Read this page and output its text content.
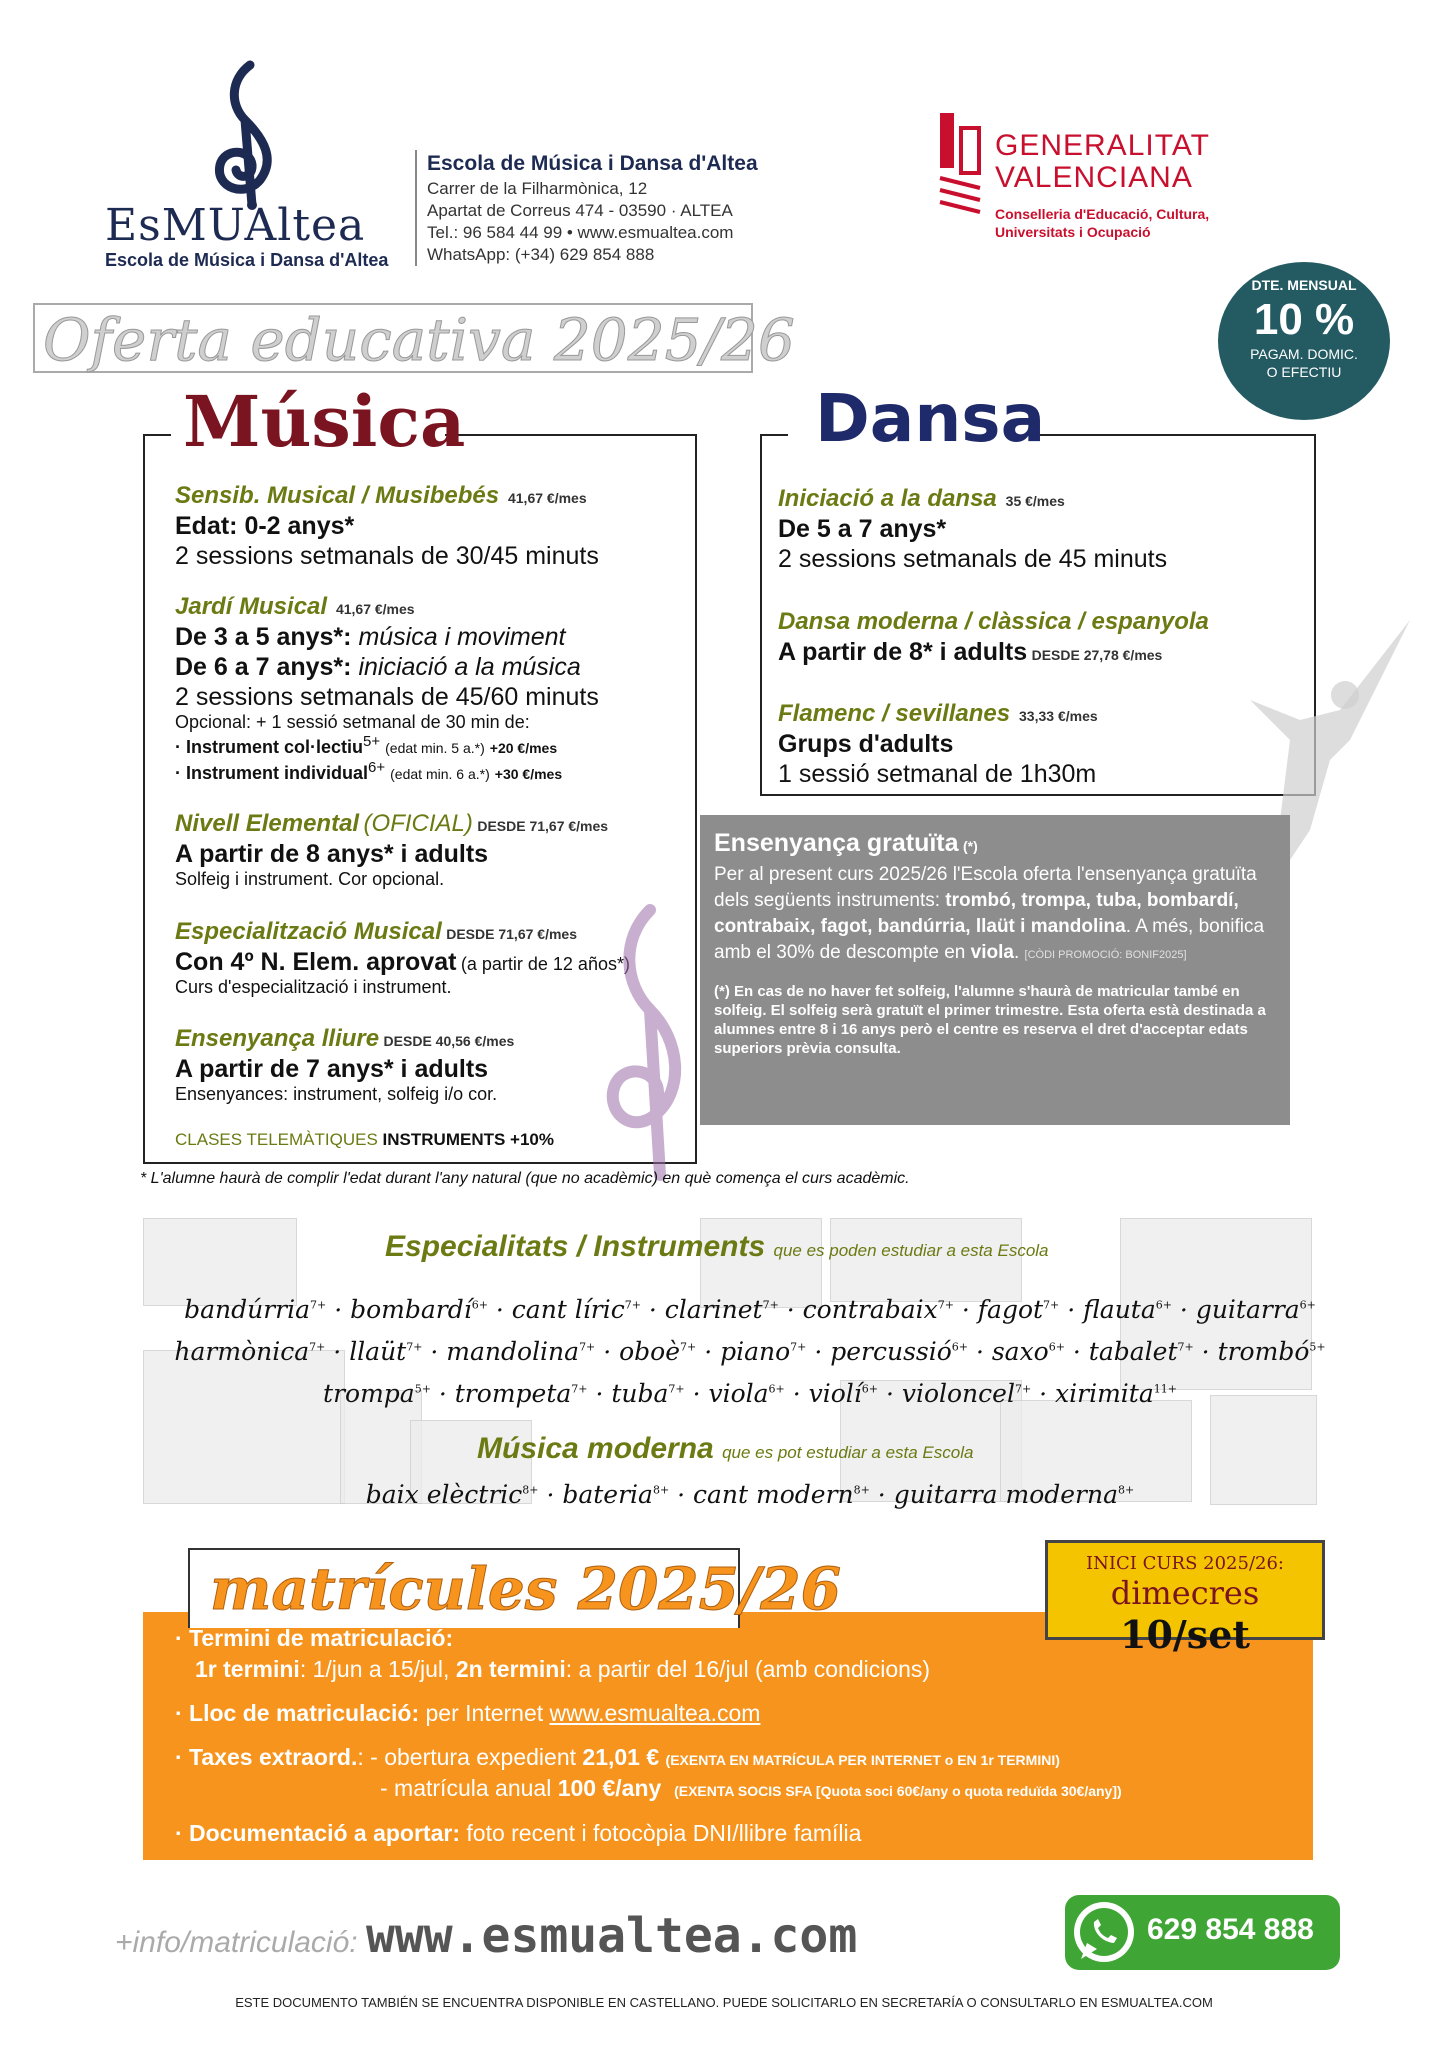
EsMUAltea
Escola de Música i Dansa d'Altea
Escola de Música i Dansa d'Altea
Carrer de la Filharmònica, 12
Apartat de Correus 474 - 03590 · ALTEA
Tel.: 96 584 44 99 • www.esmualtea.com
WhatsApp: (+34) 629 854 888
GENERALITAT
VALENCIANA
Conselleria d'Educació, Cultura,
Universitats i Ocupació
DTE. MENSUAL
10 %
PAGAM. DOMIC.
O EFECTIU
Oferta educativa 2025/26
Música
Sensib. Musical / Musibebés 41,67 €/mes
Edat: 0-2 anys*
2 sessions setmanals de 30/45 minuts
Jardí Musical 41,67 €/mes
De 3 a 5 anys*: música i moviment
De 6 a 7 anys*: iniciació a la música
2 sessions setmanals de 45/60 minuts
Opcional: + 1 sessió setmanal de 30 min de:
· Instrument col·lectiu$^{5+}$ (edat min. 5 a.*) +20 €/mes
· Instrument individual$^{6+}$ (edat min. 6 a.*) +30 €/mes
Nivell Elemental (OFICIAL) DESDE 71,67 €/mes
A partir de 8 anys* i adults
Solfeig i instrument. Cor opcional.
Especialització Musical DESDE 71,67 €/mes
Con 4º N. Elem. aprovat (a partir de 12 años*)
Curs d'especialització i instrument.
Ensenyança lliure DESDE 40,56 €/mes
A partir de 7 anys* i adults
Ensenyances: instrument, solfeig i/o cor.
CLASES TELEMÀTIQUES INSTRUMENTS +10%
Dansa
Iniciació a la dansa 35 €/mes
De 5 a 7 anys*
2 sessions setmanals de 45 minuts
Dansa moderna / clàssica / espanyola
A partir de 8* i adults DESDE 27,78 €/mes
Flamenc / sevillanes 33,33 €/mes
Grups d'adults
1 sessió setmanal de 1h30m
Ensenyança gratuïta (*)
Per al present curs 2025/26 l'Escola oferta l'ensenyança gratuïta dels següents instruments: trombó, trompa, tuba, bombardí, contrabaix, fagot, bandúrria, llaüt i mandolina. A més, bonifica amb el 30% de descompte en viola. [CÒDI PROMOCIÓ: BONIF2025]
(*) En cas de no haver fet solfeig, l'alumne s'haurà de matricular també en solfeig. El solfeig serà gratuït el primer trimestre. Esta oferta està destinada a alumnes entre 8 i 16 anys però el centre es reserva el dret d'acceptar edats superiors prèvia consulta.
* L'alumne haurà de complir l'edat durant l'any natural (que no acadèmic) en què comença el curs acadèmic.
Especialitats / Instruments que es poden estudiar a esta Escola
bandúrria$^{7+}$ · bombardí$^{6+}$ · cant líric$^{7+}$ · clarinet$^{7+}$ · contrabaix$^{7+}$ · fagot$^{7+}$ · flauta$^{6+}$ · guitarra$^{6+}$
harmònica$^{7+}$ · llaüt$^{7+}$ · mandolina$^{7+}$ · oboè$^{7+}$ · piano$^{7+}$ · percussió$^{6+}$ · saxo$^{6+}$ · tabalet$^{7+}$ · trombó$^{5+}$
trompa$^{5+}$ · trompeta$^{7+}$ · tuba$^{7+}$ · viola$^{6+}$ · violí$^{6+}$ · violoncel$^{7+}$ · xirimita$^{11+}$
Música moderna que es pot estudiar a esta Escola
baix elèctric$^{8+}$ · bateria$^{8+}$ · cant modern$^{8+}$ · guitarra moderna$^{8+}$
matrícules 2025/26	INICI CURS 2025/26:
dimecres 10/set
· Termini de matriculació:
1r termini: 1/jun a 15/jul, 2n termini: a partir del 16/jul (amb condicions)
· Lloc de matriculació: per Internet www.esmualtea.com
· Taxes extraord.: - obertura expedient 21,01 € (EXENTA EN MATRÍCULA PER INTERNET o EN 1r TERMINI)
- matrícula anual 100 €/any (EXENTA SOCIS SFA [Quota soci 60€/any o quota reduïda 30€/any])
· Documentació a aportar: foto recent i fotocòpia DNI/llibre família
+info/matriculació: www.esmualtea.com	629 854 888
ESTE DOCUMENTO TAMBIÉN SE ENCUENTRA DISPONIBLE EN CASTELLANO. PUEDE SOLICITARLO EN SECRETARÍA O CONSULTARLO EN ESMUALTEA.COM
